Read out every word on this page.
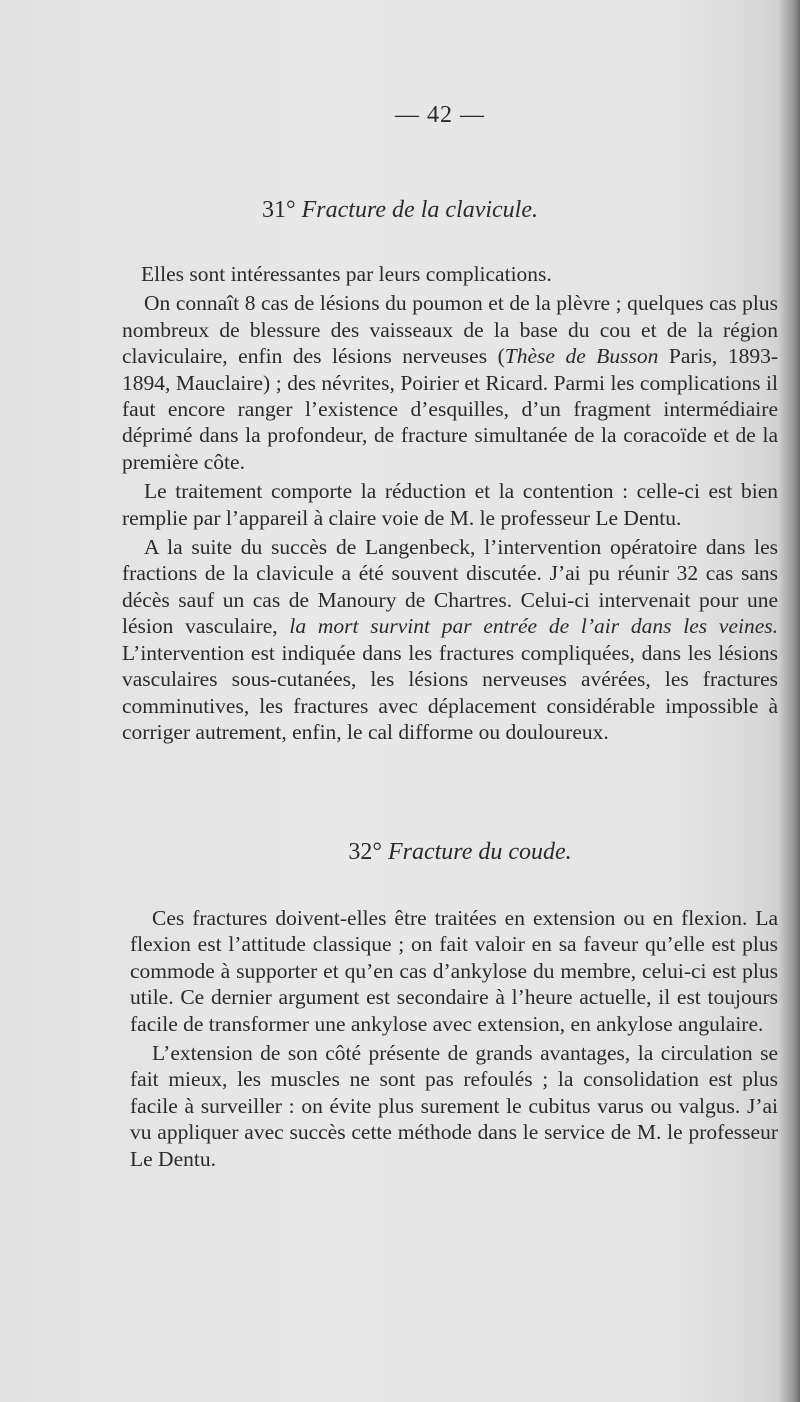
— 42 —
31° Fracture de la clavicule.

Elles sont intéressantes par leurs complications.

On connaît 8 cas de lésions du poumon et de la plèvre ; quelques cas plus nombreux de blessure des vaisseaux de la base du cou et de la région claviculaire, enfin des lésions nerveuses (Thèse de Busson Paris, 1893-1894, Mauclaire) ; des névrites, Poirier et Ricard. Parmi les complications il faut encore ranger l’existence d’esquilles, d’un fragment intermédiaire déprimé dans la profondeur, de fracture simultanée de la coracoïde et de la première côte.

Le traitement comporte la réduction et la contention : celle-ci est bien remplie par l’appareil à claire voie de M. le professeur Le Dentu.

A la suite du succès de Langenbeck, l’intervention opératoire dans les fractions de la clavicule a été souvent discutée. J’ai pu réunir 32 cas sans décès sauf un cas de Manoury de Chartres. Celui-ci intervenait pour une lésion vasculaire, la mort survint par entrée de l’air dans les veines. L’intervention est indiquée dans les fractures compliquées, dans les lésions vasculaires sous-cutanées, les lésions nerveuses avérées, les fractures comminutives, les fractures avec déplacement considérable impossible à corriger autrement, enfin, le cal difforme ou douloureux.

32° Fracture du coude.

Ces fractures doivent-elles être traitées en extension ou en flexion. La flexion est l’attitude classique ; on fait valoir en sa faveur qu’elle est plus commode à supporter et qu’en cas d’ankylose du membre, celui-ci est plus utile. Ce dernier argument est secondaire à l’heure actuelle, il est toujours facile de transformer une ankylose avec extension, en ankylose angulaire.

L’extension de son côté présente de grands avantages, la circulation se fait mieux, les muscles ne sont pas refoulés ; la consolidation est plus facile à surveiller : on évite plus surement le cubitus varus ou valgus. J’ai vu appliquer avec succès cette méthode dans le service de M. le professeur Le Dentu.
